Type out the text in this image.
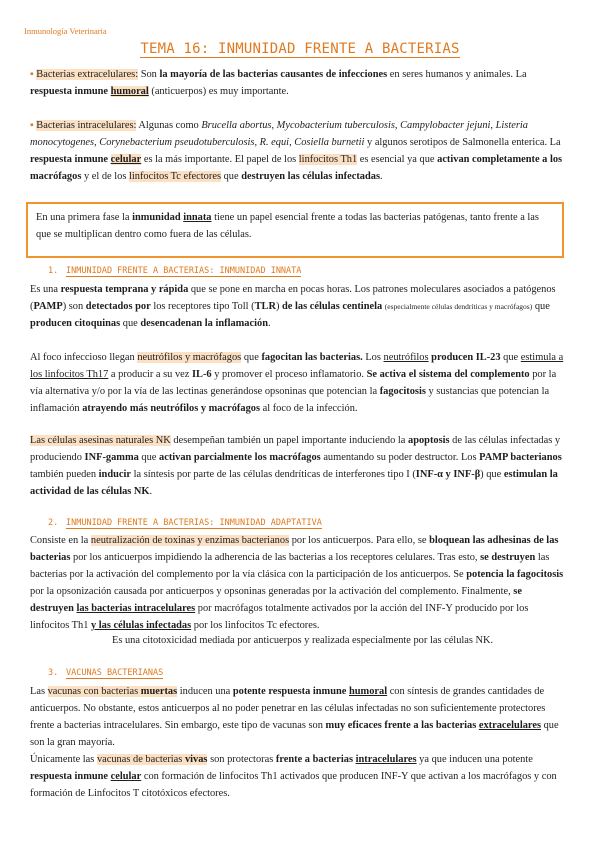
Inmunología Veterinaria
TEMA 16: INMUNIDAD FRENTE A BACTERIAS
▪ Bacterias extracelulares: Son la mayoría de las bacterias causantes de infecciones en seres humanos y animales. La respuesta inmune humoral (anticuerpos) es muy importante.
▪ Bacterias intracelulares: Algunas como Brucella abortus, Mycobacterium tuberculosis, Campylobacter jejuni, Listeria monocytogenes, Corynebacterium pseudotuberculosis, R. equi, Cosiella burnetii y algunos serotipos de Salmonella enterica. La respuesta inmune celular es la más importante. El papel de los linfocitos Th1 es esencial ya que activan completamente a los macrófagos y el de los linfocitos Tc efectores que destruyen las células infectadas.
En una primera fase la inmunidad innata tiene un papel esencial frente a todas las bacterias patógenas, tanto frente a las que se multiplican dentro como fuera de las células.
1. INMUNIDAD FRENTE A BACTERIAS: INMUNIDAD INNATA
Es una respuesta temprana y rápida que se pone en marcha en pocas horas. Los patrones moleculares asociados a patógenos (PAMP) son detectados por los receptores tipo Toll (TLR) de las células centinela (especialmente células dendríticas y macrófagos) que producen citoquinas que desencadenan la inflamación.
Al foco infeccioso llegan neutrófilos y macrófagos que fagocitan las bacterias. Los neutrófilos producen IL-23 que estimula a los linfocitos Th17 a producir a su vez IL-6 y promover el proceso inflamatorio. Se activa el sistema del complemento por la vía alternativa y/o por la vía de las lectinas generándose opsoninas que potencian la fagocitosis y sustancias que potencian la inflamación atrayendo más neutrófilos y macrófagos al foco de la infección.
Las células asesinas naturales NK desempeñan también un papel importante induciendo la apoptosis de las células infectadas y produciendo INF-gamma que activan parcialmente los macrófagos aumentando su poder destructor. Los PAMP bacterianos también pueden inducir la síntesis por parte de las células dendríticas de interferones tipo I (INF-α y INF-β) que estimulan la actividad de las células NK.
2. INMUNIDAD FRENTE A BACTERIAS: INMUNIDAD ADAPTATIVA
Consiste en la neutralización de toxinas y enzimas bacterianos por los anticuerpos. Para ello, se bloquean las adhesinas de las bacterias por los anticuerpos impidiendo la adherencia de las bacterias a los receptores celulares. Tras esto, se destruyen las bacterias por la activación del complemento por la vía clásica con la participación de los anticuerpos. Se potencia la fagocitosis por la opsonización causada por anticuerpos y opsoninas generadas por la activación del complemento. Finalmente, se destruyen las bacterias intracelulares por macrófagos totalmente activados por la acción del INF-Y producido por los linfocitos Th1 y las células infectadas por los linfocitos Tc efectores.
Es una citotoxicidad mediada por anticuerpos y realizada especialmente por las células NK.
3. VACUNAS BACTERIANAS
Las vacunas con bacterias muertas inducen una potente respuesta inmune humoral con síntesis de grandes cantidades de anticuerpos. No obstante, estos anticuerpos al no poder penetrar en las células infectadas no son suficientemente protectores frente a bacterias intracelulares. Sin embargo, este tipo de vacunas son muy eficaces frente a las bacterias extracelulares que son la gran mayoría.
Únicamente las vacunas de bacterias vivas son protectoras frente a bacterias intracelulares ya que inducen una potente respuesta inmune celular con formación de linfocitos Th1 activados que producen INF-Y que activan a los macrófagos y con formación de Linfocitos T citotóxicos efectores.
